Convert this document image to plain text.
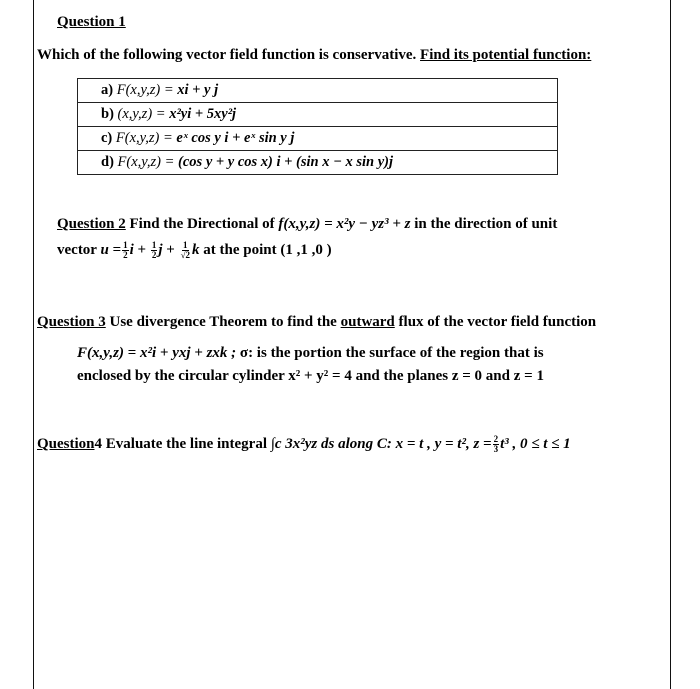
Question 1
Which of the following vector field function is conservative. Find its potential function:
a) F(x,y,z) = xi + y j
b) (x,y,z) = x²yi + 5xy²j
c) F(x,y,z) = eˣ cos y i + eˣ sin y j
d) F(x,y,z) = (cos y + y cos x) i + (sin x − x sin y)j
Question 2 Find the Directional of f(x,y,z) = x²y − yz³ + z in the direction of unit
vector $u = \frac{1}{2}$ $i + \frac{1}{2}$ $j + \frac{1}{√2}$ k at the point (1 ,1 ,0 )
Question 3 Use divergence Theorem to find the outward flux of the vector field function
F(x,y,z) = x²i + yxj + zxk ; σ: is the portion the surface of the region that is
enclosed by the circular cylinder x² + y² = 4 and the planes z = 0 and z = 1
Question4 Evaluate the line integral ∫c 3x²yz ds along C: x = t , y = t², $z = \frac{2}{3} t^3$ , 0 ≤ t ≤ 1
